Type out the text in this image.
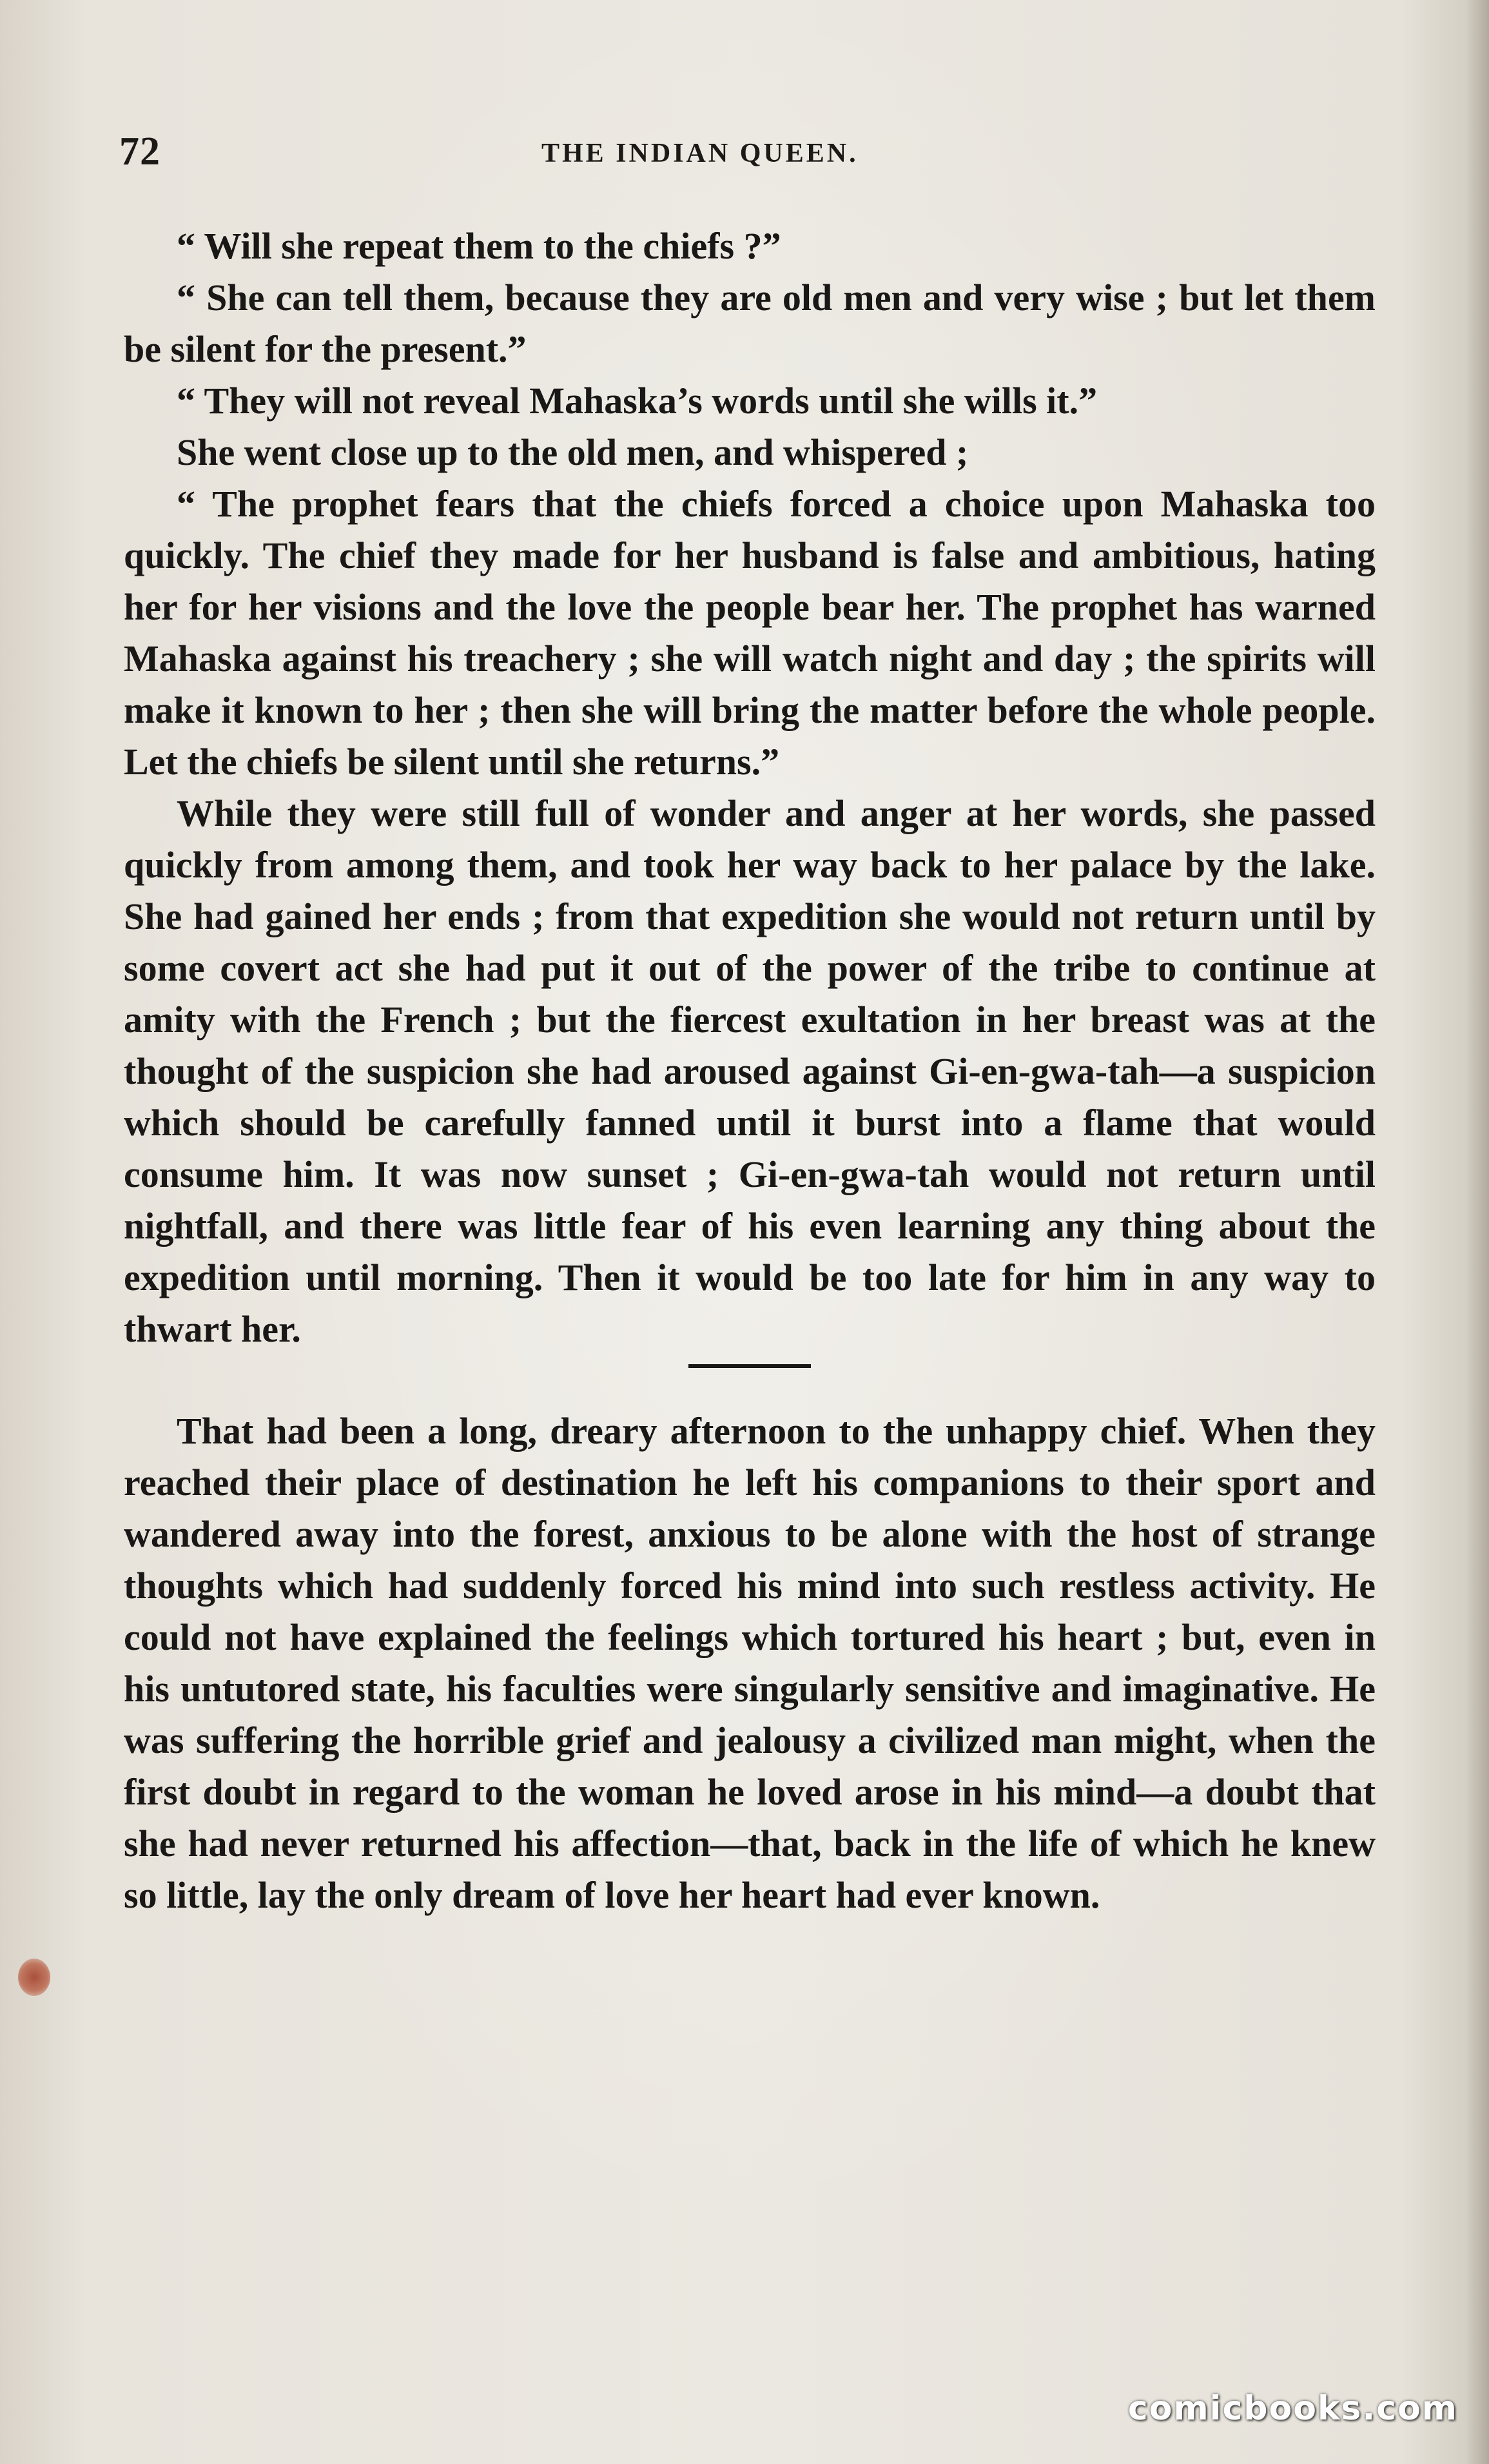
72	THE INDIAN QUEEN.

“ Will she repeat them to the chiefs ?”

“ She can tell them, because they are old men and very wise ; but let them be silent for the present.”

“ They will not reveal Mahaska’s words until she wills it.”

She went close up to the old men, and whispered ;

“ The prophet fears that the chiefs forced a choice upon Mahaska too quickly. The chief they made for her husband is false and ambitious, hating her for her visions and the love the people bear her. The prophet has warned Mahaska against his treachery ; she will watch night and day ; the spirits will make it known to her ; then she will bring the matter before the whole people. Let the chiefs be silent until she returns.”

While they were still full of wonder and anger at her words, she passed quickly from among them, and took her way back to her palace by the lake. She had gained her ends ; from that expedition she would not return until by some covert act she had put it out of the power of the tribe to continue at amity with the French ; but the fiercest exultation in her breast was at the thought of the suspicion she had aroused against Gi-en-gwa-tah—a suspicion which should be carefully fanned until it burst into a flame that would consume him. It was now sunset ; Gi-en-gwa-tah would not return until nightfall, and there was little fear of his even learning any thing about the expedition until morning. Then it would be too late for him in any way to thwart her.

That had been a long, dreary afternoon to the unhappy chief. When they reached their place of destination he left his companions to their sport and wandered away into the forest, anxious to be alone with the host of strange thoughts which had suddenly forced his mind into such restless activity. He could not have explained the feelings which tortured his heart ; but, even in his untutored state, his faculties were singularly sensitive and imaginative. He was suffering the horrible grief and jealousy a civilized man might, when the first doubt in regard to the woman he loved arose in his mind—a doubt that she had never returned his affection—that, back in the life of which he knew so little, lay the only dream of love her heart had ever known.

comicbooks.com
